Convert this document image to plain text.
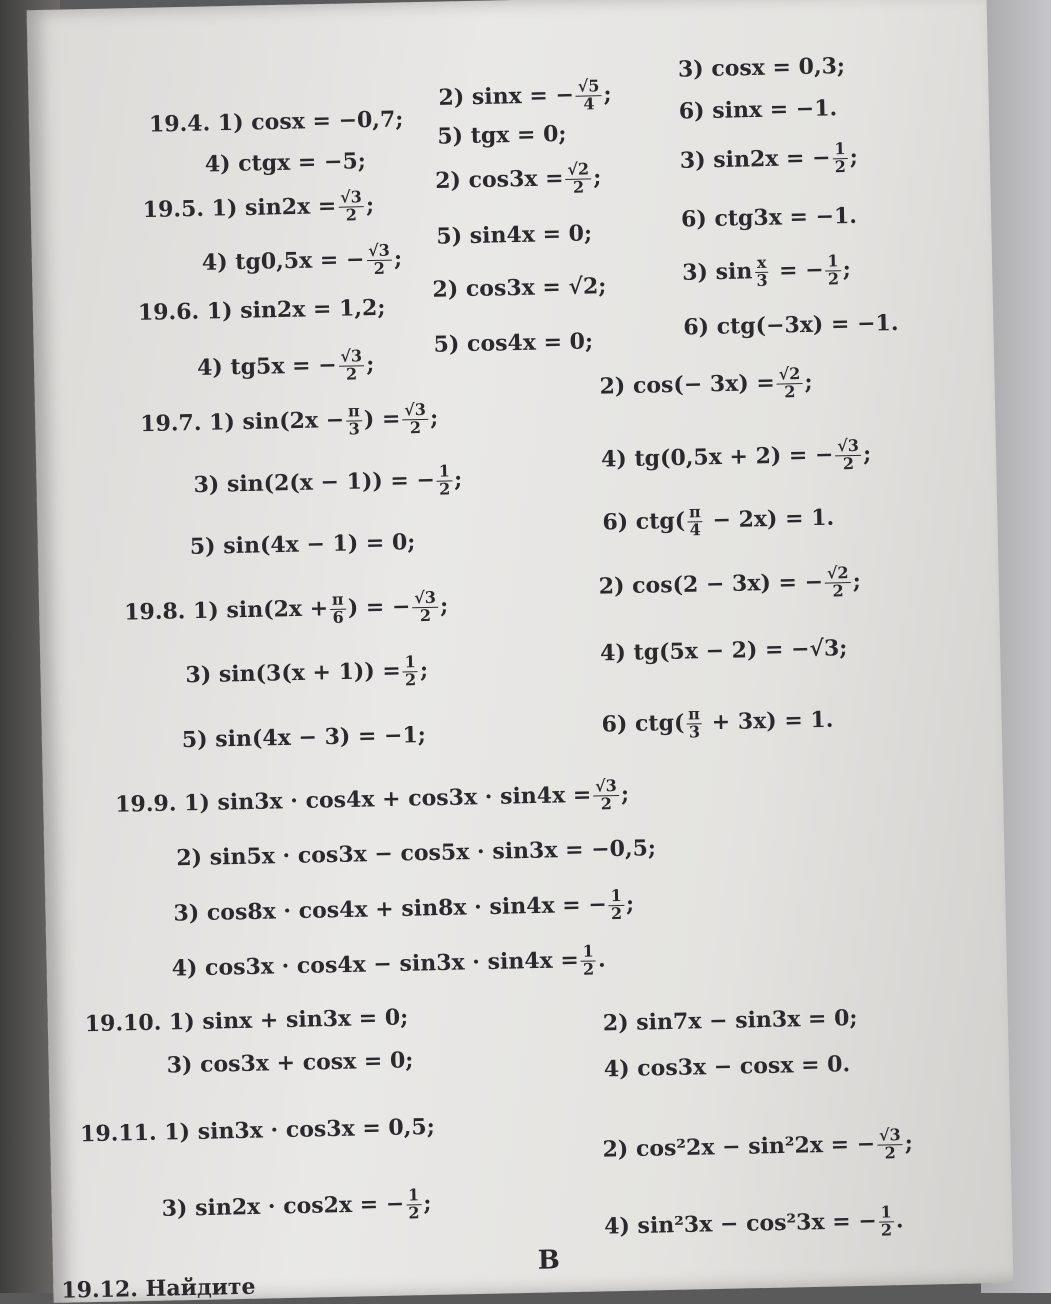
19.4. 1) cosx = −0,7;
2) sinx = − $\frac{√5}{4}$ ;
3) cosx = 0,3;
4) ctgx = −5;
5) tgx = 0;
6) sinx = −1.
19.5. 1) $\sin 2x = \frac{√3}{2}$ ;
2) $\cos 3x = \frac{√2}{2}$ ;
3) sin2x = − $\frac{1}{2}$ ;
4) tg0,5x = − $\frac{√3}{2}$ ;
5) sin4x = 0;
6) ctg3x = −1.
19.6. 1) sin2x = 1,2;
2) cos3x = √2;
3) $\sin \frac{x}{3}$ = − $\frac{1}{2}$ ;
4) tg5x = − $\frac{√3}{2}$ ;
5) cos4x = 0;
6) ctg(−3x) = −1.
19.7. 1) $\sin(2x - \frac{\pi}{3}$ ) = $\frac{√3}{2}$ ;
2) $\cos(- 3x) = \frac{√2}{2}$ ;
3) sin(2(x − 1)) = − $\frac{1}{2}$ ;
4) tg(0,5x + 2) = − $\frac{√3}{2}$ ;
5) sin(4x − 1) = 0;
6) $ctg( \frac{\pi}{4} - 2x) = 1$.
19.8. 1) $\sin(2x + \frac{\pi}{6}$ ) = − $\frac{√3}{2}$ ;
2) cos(2 − 3x) = − $\frac{√2}{2}$ ;
3) $\sin(3(x + 1)) = \frac{1}{2}$ ;
4) tg(5x − 2) = −√3;
5) sin(4x − 3) = −1;	6) $ctg( \frac{\pi}{3} + 3x) = 1$.
19.9. 1) $\sin 3x \cdot \cos 4x + \cos 3x \cdot \sin 4x = \frac{√3}{2}$ ;
2) sin5x · cos3x − cos5x · sin3x = −0,5;
3) cos8x · cos4x + sin8x · sin4x = − $\frac{1}{2}$ ;
4) $\cos 3x \cdot \cos 4x - \sin 3x \cdot \sin 4x = \frac{1}{2}$ .
19.10. 1) sinx + sin3x = 0;	2) sin7x − sin3x = 0;
3) cos3x + cosx = 0;	4) cos3x − cosx = 0.
19.11. 1) sin3x · cos3x = 0,5;	2) cos²2x − sin²2x = − $\frac{√3}{2}$ ;
3) sin2x · cos2x = − $\frac{1}{2}$ ;
4) sin²3x − cos²3x = − $\frac{1}{2}$ .
В
19.12. Найдите
